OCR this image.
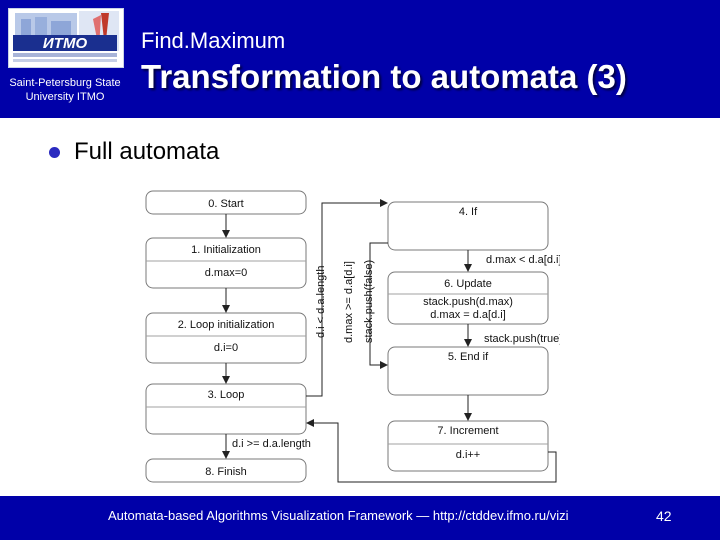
ИТМО
Saint-Petersburg State University ITMO
Find.Maximum
Transformation to automata (3)
Full automata
0. Start
1. Initialization
d.max=0
2. Loop initialization
d.i=0
3. Loop
8. Finish
4. If
6. Update
stack.push(d.max)
d.max = d.a[d.i]
5. End if
7. Increment
d.i++
d.i < d.a.length d.max >= d.a[d.i] stack.push(false)	d.max < d.a[d.i]
stack.push(true)
d.i >= d.a.length
Automata-based Algorithms Visualization Framework — http://ctddev.ifmo.ru/vizi	42
